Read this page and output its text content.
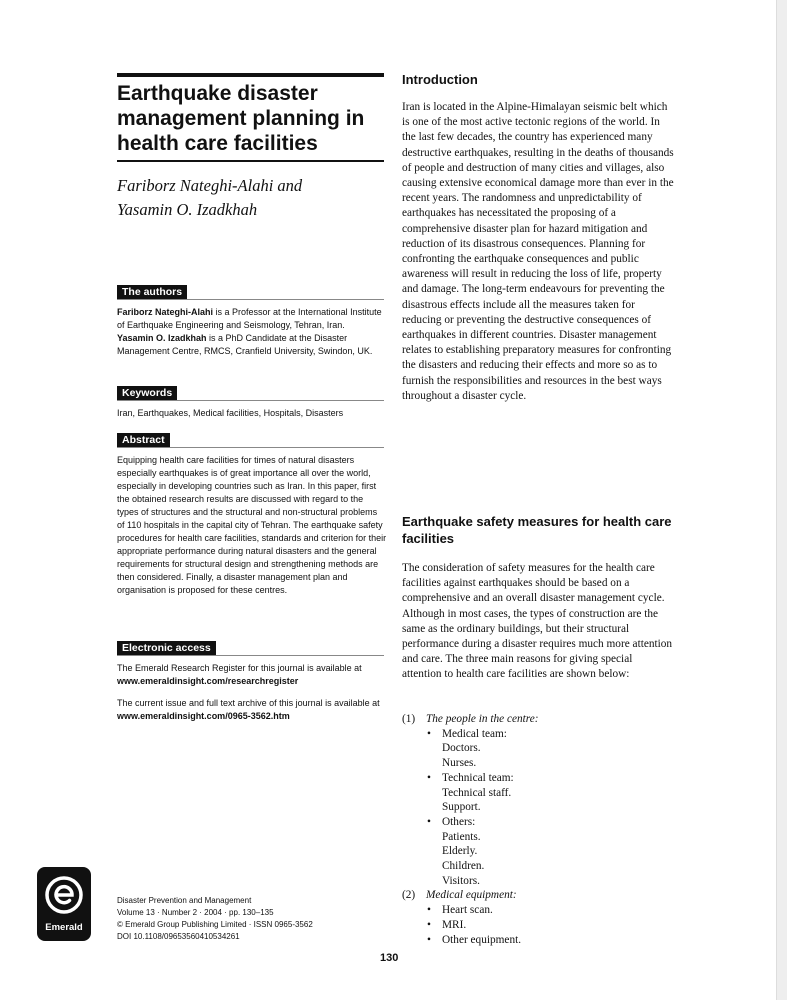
Earthquake disaster management planning in health care facilities
Fariborz Nateghi-Alahi and
Yasamin O. Izadkhah
The authors

Fariborz Nateghi-Alahi is a Professor at the International Institute of Earthquake Engineering and Seismology, Tehran, Iran.

Yasamin O. Izadkhah is a PhD Candidate at the Disaster Management Centre, RMCS, Cranfield University, Swindon, UK.

Keywords
Iran, Earthquakes, Medical facilities, Hospitals, Disasters
Abstract
Equipping health care facilities for times of natural disasters especially earthquakes is of great importance all over the world, especially in developing countries such as Iran. In this paper, first the obtained research results are discussed with regard to the types of structures and the structural and non-structural problems of 110 hospitals in the capital city of Tehran. The earthquake safety procedures for health care facilities, standards and criterion for their appropriate performance during natural disasters and the general requirements for structural design and strengthening methods are then considered. Finally, a disaster management plan and organisation is proposed for these centres.
Electronic access

The Emerald Research Register for this journal is available at

www.emeraldinsight.com/researchregister

The current issue and full text archive of this journal is available at

www.emeraldinsight.com/0965-3562.htm

Emerald
Disaster Prevention and Management
Volume 13 · Number 2 · 2004 · pp. 130–135
© Emerald Group Publishing Limited · ISSN 0965-3562
DOI 10.1108/09653560410534261
130
Introduction
Iran is located in the Alpine-Himalayan seismic belt which is one of the most active tectonic regions of the world. In the last few decades, the country has experienced many destructive earthquakes, resulting in the deaths of thousands of people and destruction of many cities and villages, also causing extensive economical damage more than ever in the recent years. The randomness and unpredictability of earthquakes has necessitated the proposing of a comprehensive disaster plan for hazard mitigation and reduction of its disastrous consequences. Planning for confronting the earthquake consequences and public awareness will result in reducing the loss of life, property and damage. The long-term endeavours for preventing the disastrous effects include all the measures taken for reducing or preventing the destructive consequences of earthquakes in different countries. Disaster management relates to establishing preparatory measures for confronting the disasters and reducing their effects and more so as to furnish the responsibilities and resources in the best ways throughout a disaster cycle.
Earthquake safety measures for health care facilities
The consideration of safety measures for the health care facilities against earthquakes should be based on a comprehensive and an overall disaster management cycle. Although in most cases, the types of construction are the same as the ordinary buildings, but their structural performance during a disaster requires much more attention and care. The three main reasons for giving special attention to health care facilities are shown below:
(1) The people in the centre:
• Medical team:
Doctors.
Nurses.
• Technical team:
Technical staff.
Support.
• Others:
Patients.
Elderly.
Children.
Visitors.
(2) Medical equipment:
• Heart scan.
• MRI.
• Other equipment.
